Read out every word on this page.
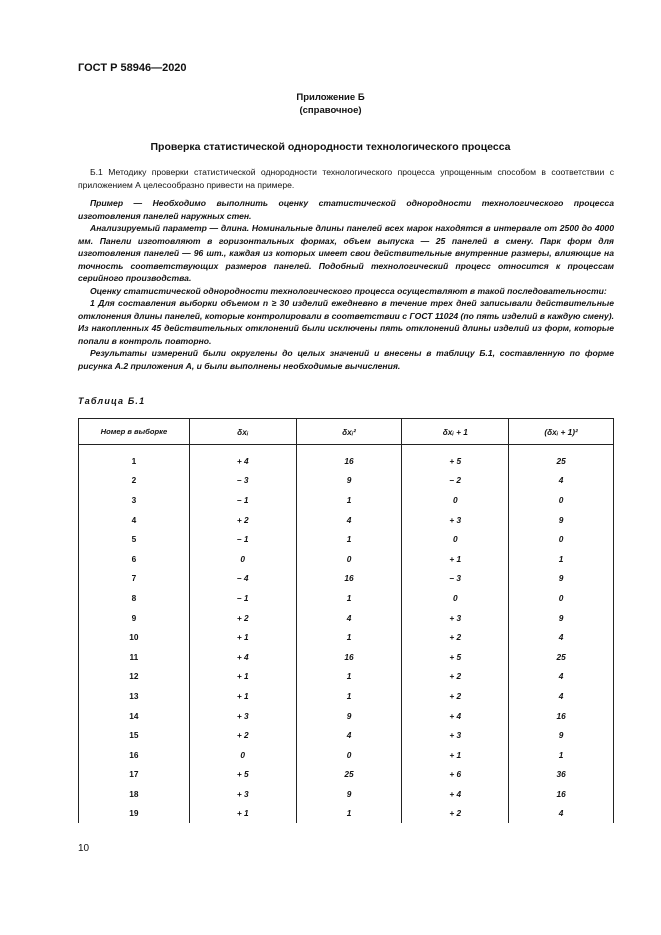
ГОСТ Р 58946—2020
Приложение Б
(справочное)
Проверка статистической однородности технологического процесса

Б.1 Методику проверки статистической однородности технологического процесса упрощенным способом в соответствии с приложением А целесообразно привести на примере.

Пример — Необходимо выполнить оценку статистической однородности технологического процесса изготовления панелей наружных стен.

Анализируемый параметр — длина. Номинальные длины панелей всех марок находятся в интервале от 2500 до 4000 мм. Панели изготовляют в горизонтальных формах, объем выпуска — 25 панелей в смену. Парк форм для изготовления панелей — 96 шт., каждая из которых имеет свои действительные внутренние размеры, влияющие на точность соответствующих размеров панелей. Подобный технологический процесс относится к процессам серийного производства.

Оценку статистической однородности технологического процесса осуществляют в такой последовательности:

1 Для составления выборки объемом n ≥ 30 изделий ежедневно в течение трех дней записывали действительные отклонения длины панелей, которые контролировали в соответствии с ГОСТ 11024 (по пять изделий в каждую смену). Из накопленных 45 действительных отклонений были исключены пять отклонений длины изделий из форм, которые попали в контроль повторно.

Результаты измерений были округлены до целых значений и внесены в таблицу Б.1, составленную по форме рисунка А.2 приложения А, и были выполнены необходимые вычисления.

Таблица Б.1
Номер в выборке	δxᵢ	δxᵢ²	δxᵢ + 1	(δxᵢ + 1)²
1	+ 4	16	+ 5	25
2	– 3	9	– 2	4
3	– 1	1	0	0
4	+ 2	4	+ 3	9
5	– 1	1	0	0
6	0	0	+ 1	1
7	– 4	16	– 3	9
8	– 1	1	0	0
9	+ 2	4	+ 3	9
10	+ 1	1	+ 2	4
11	+ 4	16	+ 5	25
12	+ 1	1	+ 2	4
13	+ 1	1	+ 2	4
14	+ 3	9	+ 4	16
15	+ 2	4	+ 3	9
16	0	0	+ 1	1
17	+ 5	25	+ 6	36
18	+ 3	9	+ 4	16
19	+ 1	1	+ 2	4
10
